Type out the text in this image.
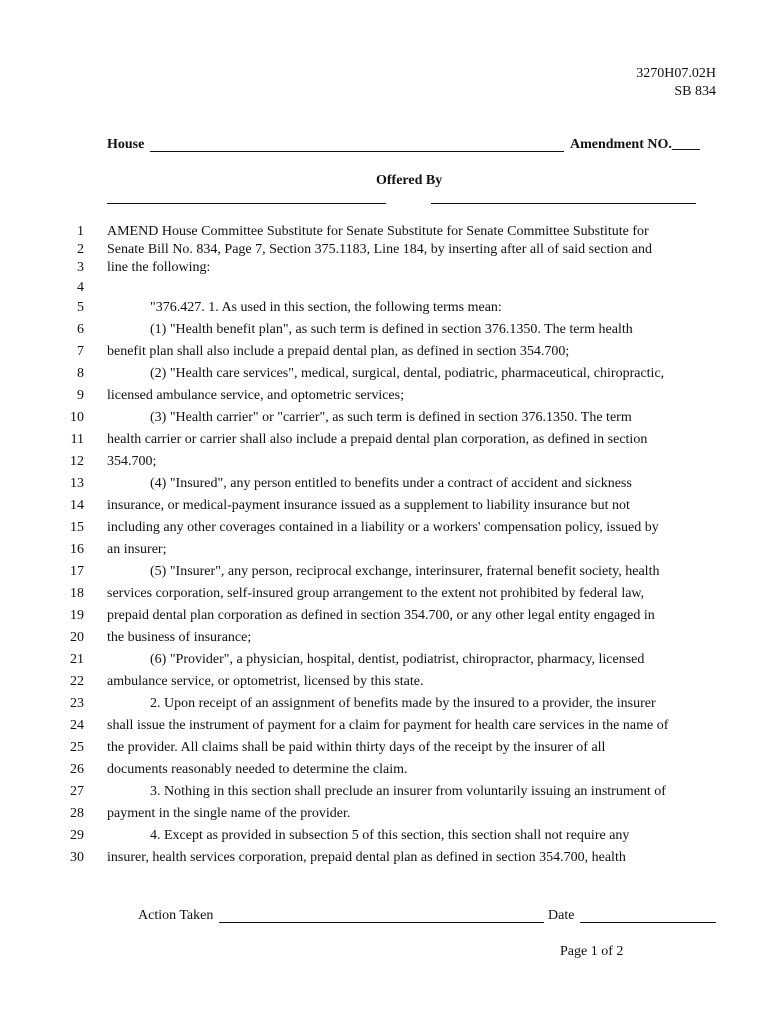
3270H07.02H
SB 834
House	Amendment NO.____
Offered By
1 AMEND House Committee Substitute for Senate Substitute for Senate Committee Substitute for
2 Senate Bill No. 834, Page 7, Section 375.1183, Line 184, by inserting after all of said section and
3 line the following:
4
5	"376.427. 1. As used in this section, the following terms mean:
6	(1) "Health benefit plan", as such term is defined in section 376.1350. The term health
7 benefit plan shall also include a prepaid dental plan, as defined in section 354.700;
8	(2) "Health care services", medical, surgical, dental, podiatric, pharmaceutical, chiropractic,
9 licensed ambulance service, and optometric services;
10	(3) "Health carrier" or "carrier", as such term is defined in section 376.1350. The term
11 health carrier or carrier shall also include a prepaid dental plan corporation, as defined in section
12 354.700;
13	(4) "Insured", any person entitled to benefits under a contract of accident and sickness
14 insurance, or medical-payment insurance issued as a supplement to liability insurance but not
15 including any other coverages contained in a liability or a workers' compensation policy, issued by
16 an insurer;
17	(5) "Insurer", any person, reciprocal exchange, interinsurer, fraternal benefit society, health
18 services corporation, self-insured group arrangement to the extent not prohibited by federal law,
19 prepaid dental plan corporation as defined in section 354.700, or any other legal entity engaged in
20 the business of insurance;
21	(6) "Provider", a physician, hospital, dentist, podiatrist, chiropractor, pharmacy, licensed
22 ambulance service, or optometrist, licensed by this state.
23	2. Upon receipt of an assignment of benefits made by the insured to a provider, the insurer
24 shall issue the instrument of payment for a claim for payment for health care services in the name of
25 the provider. All claims shall be paid within thirty days of the receipt by the insurer of all
26 documents reasonably needed to determine the claim.
27	3. Nothing in this section shall preclude an insurer from voluntarily issuing an instrument of
28 payment in the single name of the provider.
29	4. Except as provided in subsection 5 of this section, this section shall not require any
30 insurer, health services corporation, prepaid dental plan as defined in section 354.700, health
Action Taken	Date
Page 1 of 2
